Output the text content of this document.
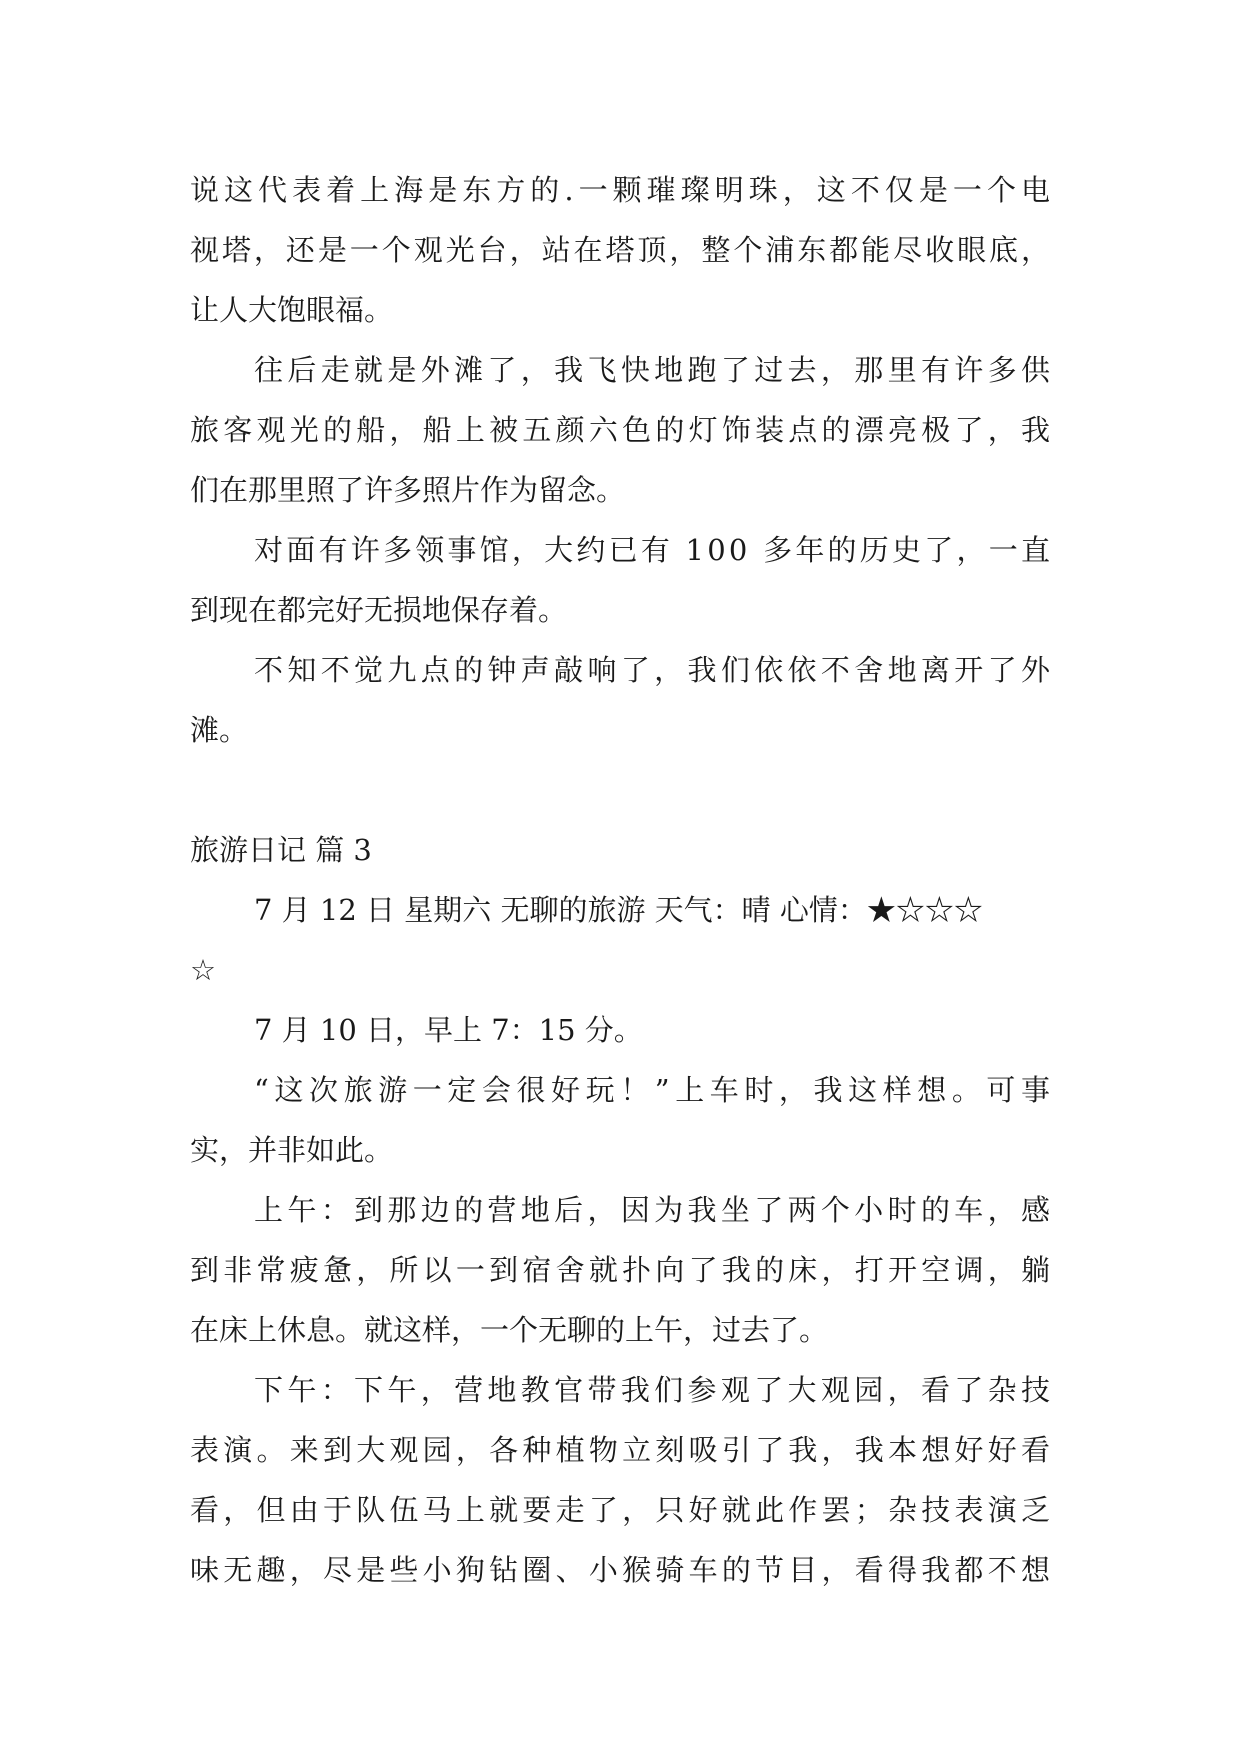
说这代表着上海是东方的.一颗璀璨明珠，这不仅是一个电
视塔，还是一个观光台，站在塔顶，整个浦东都能尽收眼底，
让人大饱眼福。
往后走就是外滩了，我飞快地跑了过去，那里有许多供
旅客观光的船，船上被五颜六色的灯饰装点的漂亮极了，我
们在那里照了许多照片作为留念。
对面有许多领事馆，大约已有 100 多年的历史了，一直
到现在都完好无损地保存着。
不知不觉九点的钟声敲响了，我们依依不舍地离开了外
滩。
旅游日记 篇 3
7 月 12 日 星期六 无聊的旅游 天气：晴 心情：★☆☆☆
☆
7 月 10 日，早上 7：15 分。
“这次旅游一定会很好玩！”上车时，我这样想。可事
实，并非如此。
上午：到那边的营地后，因为我坐了两个小时的车，感
到非常疲惫，所以一到宿舍就扑向了我的床，打开空调，躺
在床上休息。就这样，一个无聊的上午，过去了。
下午：下午，营地教官带我们参观了大观园，看了杂技
表演。来到大观园，各种植物立刻吸引了我，我本想好好看
看，但由于队伍马上就要走了，只好就此作罢；杂技表演乏
味无趣，尽是些小狗钻圈、小猴骑车的节目，看得我都不想
